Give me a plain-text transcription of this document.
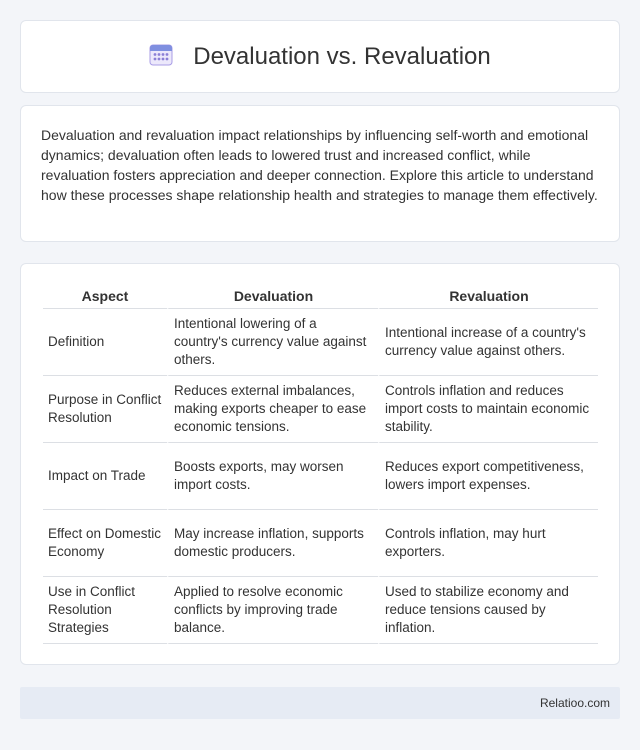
Devaluation vs. Revaluation

Devaluation and revaluation impact relationships by influencing self-worth and emotional dynamics; devaluation often leads to lowered trust and increased conflict, while revaluation fosters appreciation and deeper connection. Explore this article to understand how these processes shape relationship health and strategies to manage them effectively.

Aspect	Devaluation	Revaluation
Definition	Intentional lowering of a country's currency value against others.	Intentional increase of a country's currency value against others.
Purpose in Conflict Resolution	Reduces external imbalances, making exports cheaper to ease economic tensions.	Controls inflation and reduces import costs to maintain economic stability.
Impact on Trade	Boosts exports, may worsen import costs.	Reduces export competitiveness, lowers import expenses.
Effect on Domestic Economy	May increase inflation, supports domestic producers.	Controls inflation, may hurt exporters.
Use in Conflict Resolution Strategies	Applied to resolve economic conflicts by improving trade balance.	Used to stabilize economy and reduce tensions caused by inflation.
Relatioo.com
